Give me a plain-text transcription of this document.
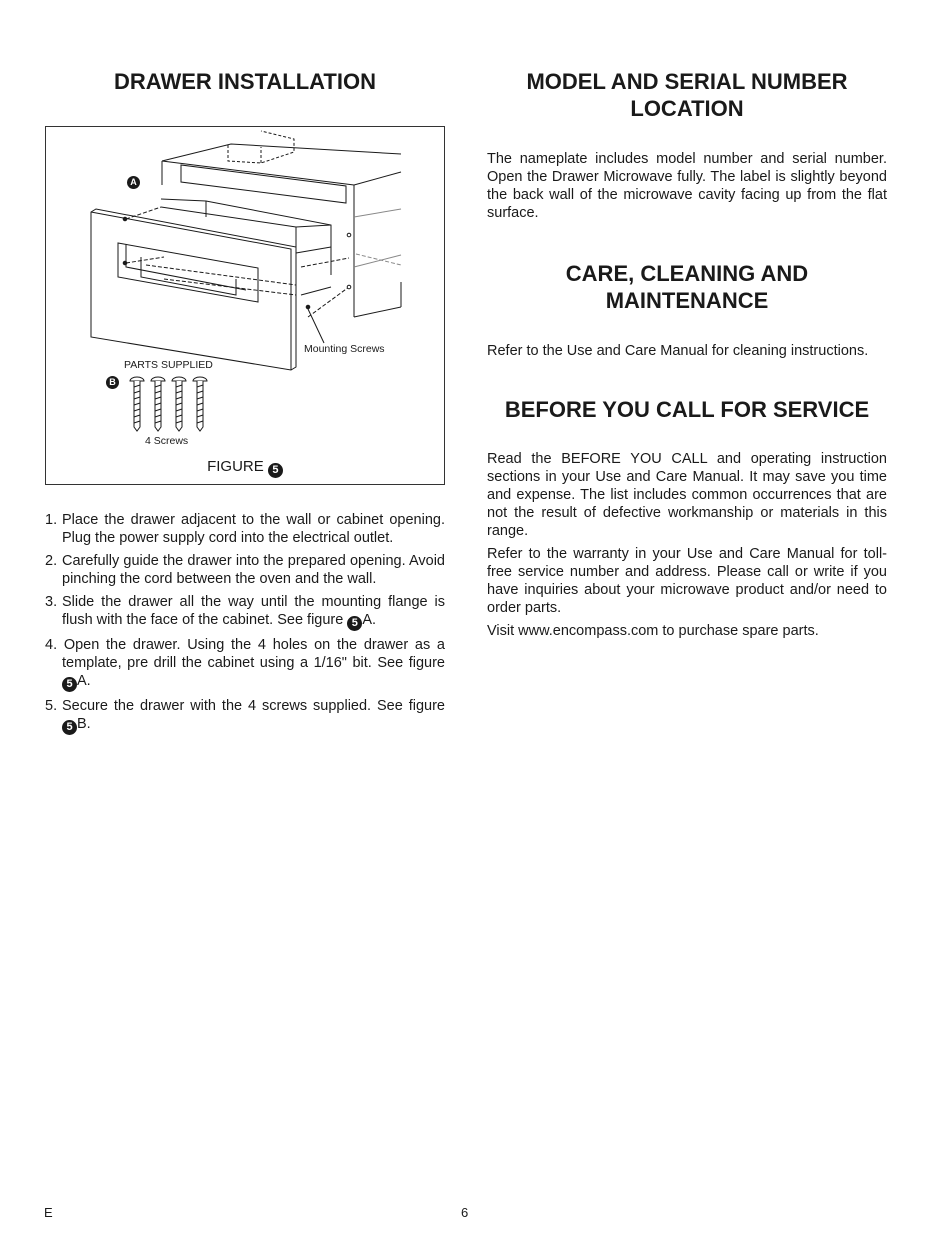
DRAWER INSTALLATION
A
B
Mounting Screws
PARTS SUPPLIED
4 Screws
FIGURE 5
1. Place the drawer adjacent to the wall or cabinet opening. Plug the power supply cord into the electrical outlet.
2. Carefully guide the drawer into the prepared opening. Avoid pinching the cord between the oven and the wall.
3. Slide the drawer all the way until the mounting flange is flush with the face of the cabinet. See figure 5 A.
4. Open the drawer. Using the 4 holes on the drawer as a template, pre drill the cabinet using a 1/16" bit. See figure 5 A.
5. Secure the drawer with the 4 screws supplied. See figure 5 B.
MODEL AND SERIAL NUMBER
LOCATION

The nameplate includes model number and serial number. Open the Drawer Microwave fully. The label is slightly beyond the back wall of the microwave cavity facing up from the flat surface.

CARE, CLEANING AND
MAINTENANCE

Refer to the Use and Care Manual for cleaning instructions.

BEFORE YOU CALL FOR SERVICE

Read the BEFORE YOU CALL and operating instruction sections in your Use and Care Manual. It may save you time and expense. The list includes common occurrences that are not the result of defective workmanship or materials in this range.

Refer to the warranty in your Use and Care Manual for toll-free service number and address. Please call or write if you have inquiries about your microwave product and/or need to order parts.

Visit www.encompass.com to purchase spare parts.

E	6
